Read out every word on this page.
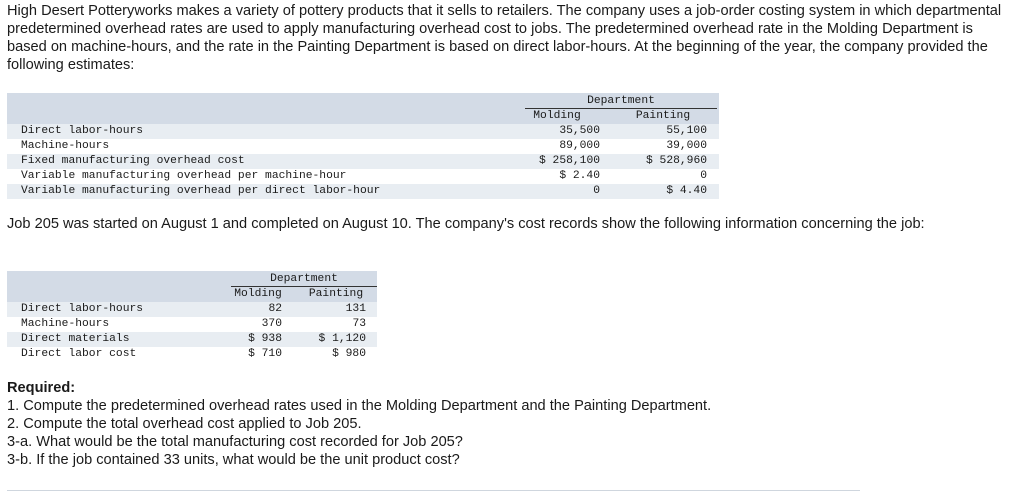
High Desert Potteryworks makes a variety of pottery products that it sells to retailers. The company uses a job-order costing system in which departmental predetermined overhead rates are used to apply manufacturing overhead cost to jobs. The predetermined overhead rate in the Molding Department is based on machine-hours, and the rate in the Painting Department is based on direct labor-hours. At the beginning of the year, the company provided the following estimates:
Department
Molding	Painting
Direct labor-hours	35,500	55,100
Machine-hours	89,000	39,000
Fixed manufacturing overhead cost	$ 258,100	$ 528,960
Variable manufacturing overhead per machine-hour	$ 2.40	0
Variable manufacturing overhead per direct labor-hour	0	$ 4.40
Job 205 was started on August 1 and completed on August 10. The company's cost records show the following information concerning the job:
Department
Molding	Painting
Direct labor-hours	82	131
Machine-hours	370	73
Direct materials	$ 938	$ 1,120
Direct labor cost	$ 710	$ 980
Required:
1. Compute the predetermined overhead rates used in the Molding Department and the Painting Department.
2. Compute the total overhead cost applied to Job 205.
3-a. What would be the total manufacturing cost recorded for Job 205?
3-b. If the job contained 33 units, what would be the unit product cost?
